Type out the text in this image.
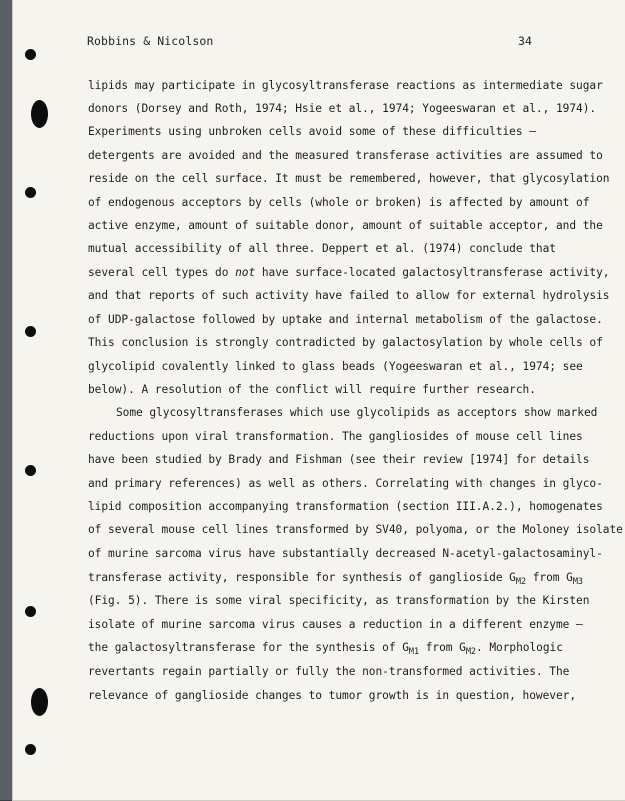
Robbins & Nicolson	34
lipids may participate in glycosyltransferase reactions as intermediate sugar
donors (Dorsey and Roth, 1974; Hsie et al., 1974; Yogeeswaran et al., 1974).
Experiments using unbroken cells avoid some of these difficulties —
detergents are avoided and the measured transferase activities are assumed to
reside on the cell surface. It must be remembered, however, that glycosylation
of endogenous acceptors by cells (whole or broken) is affected by amount of
active enzyme, amount of suitable donor, amount of suitable acceptor, and the
mutual accessibility of all three. Deppert et al. (1974) conclude that
several cell types do not have surface-located galactosyltransferase activity,
and that reports of such activity have failed to allow for external hydrolysis
of UDP-galactose followed by uptake and internal metabolism of the galactose.
This conclusion is strongly contradicted by galactosylation by whole cells of
glycolipid covalently linked to glass beads (Yogeeswaran et al., 1974; see
below). A resolution of the conflict will require further research.
Some glycosyltransferases which use glycolipids as acceptors show marked
reductions upon viral transformation. The gangliosides of mouse cell lines
have been studied by Brady and Fishman (see their review [1974] for details
and primary references) as well as others. Correlating with changes in glyco-
lipid composition accompanying transformation (section III.A.2.), homogenates
of several mouse cell lines transformed by SV40, polyoma, or the Moloney isolate
of murine sarcoma virus have substantially decreased N-acetyl-galactosaminyl-
transferase activity, responsible for synthesis of ganglioside $G_{M2}$ from $G_{M3}$
(Fig. 5). There is some viral specificity, as transformation by the Kirsten
isolate of murine sarcoma virus causes a reduction in a different enzyme —
the galactosyltransferase for the synthesis of $G_{M1}$ from $G_{M2}$. Morphologic
revertants regain partially or fully the non-transformed activities. The
relevance of ganglioside changes to tumor growth is in question, however,
